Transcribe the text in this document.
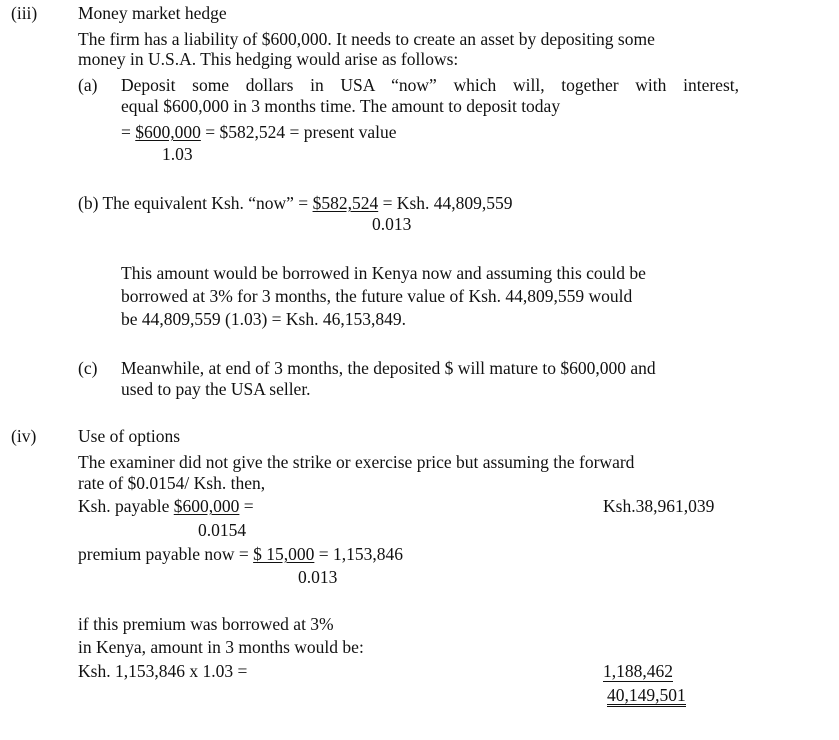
(iii) Money market hedge
The firm has a liability of $600,000. It needs to create an asset by depositing some
money in U.S.A. This hedging would arise as follows:
(a) Deposit some dollars in USA “now” which will, together with interest,
equal $600,000 in 3 months time. The amount to deposit today
= $600,000 = $582,524 = present value
1.03
(b) The equivalent Ksh. “now” = $582,524 = Ksh. 44,809,559
0.013
This amount would be borrowed in Kenya now and assuming this could be
borrowed at 3% for 3 months, the future value of Ksh. 44,809,559 would
be 44,809,559 (1.03) = Ksh. 46,153,849.
(c) Meanwhile, at end of 3 months, the deposited $ will mature to $600,000 and
used to pay the USA seller.
(iv) Use of options
The examiner did not give the strike or exercise price but assuming the forward
rate of $0.0154/ Ksh. then,
Ksh. payable $600,000 =	Ksh.38,961,039
0.0154
premium payable now = $ 15,000 = 1,153,846
0.013
if this premium was borrowed at 3%
in Kenya, amount in 3 months would be:
Ksh. 1,153,846 x 1.03 =	1,188,462
40,149,501
